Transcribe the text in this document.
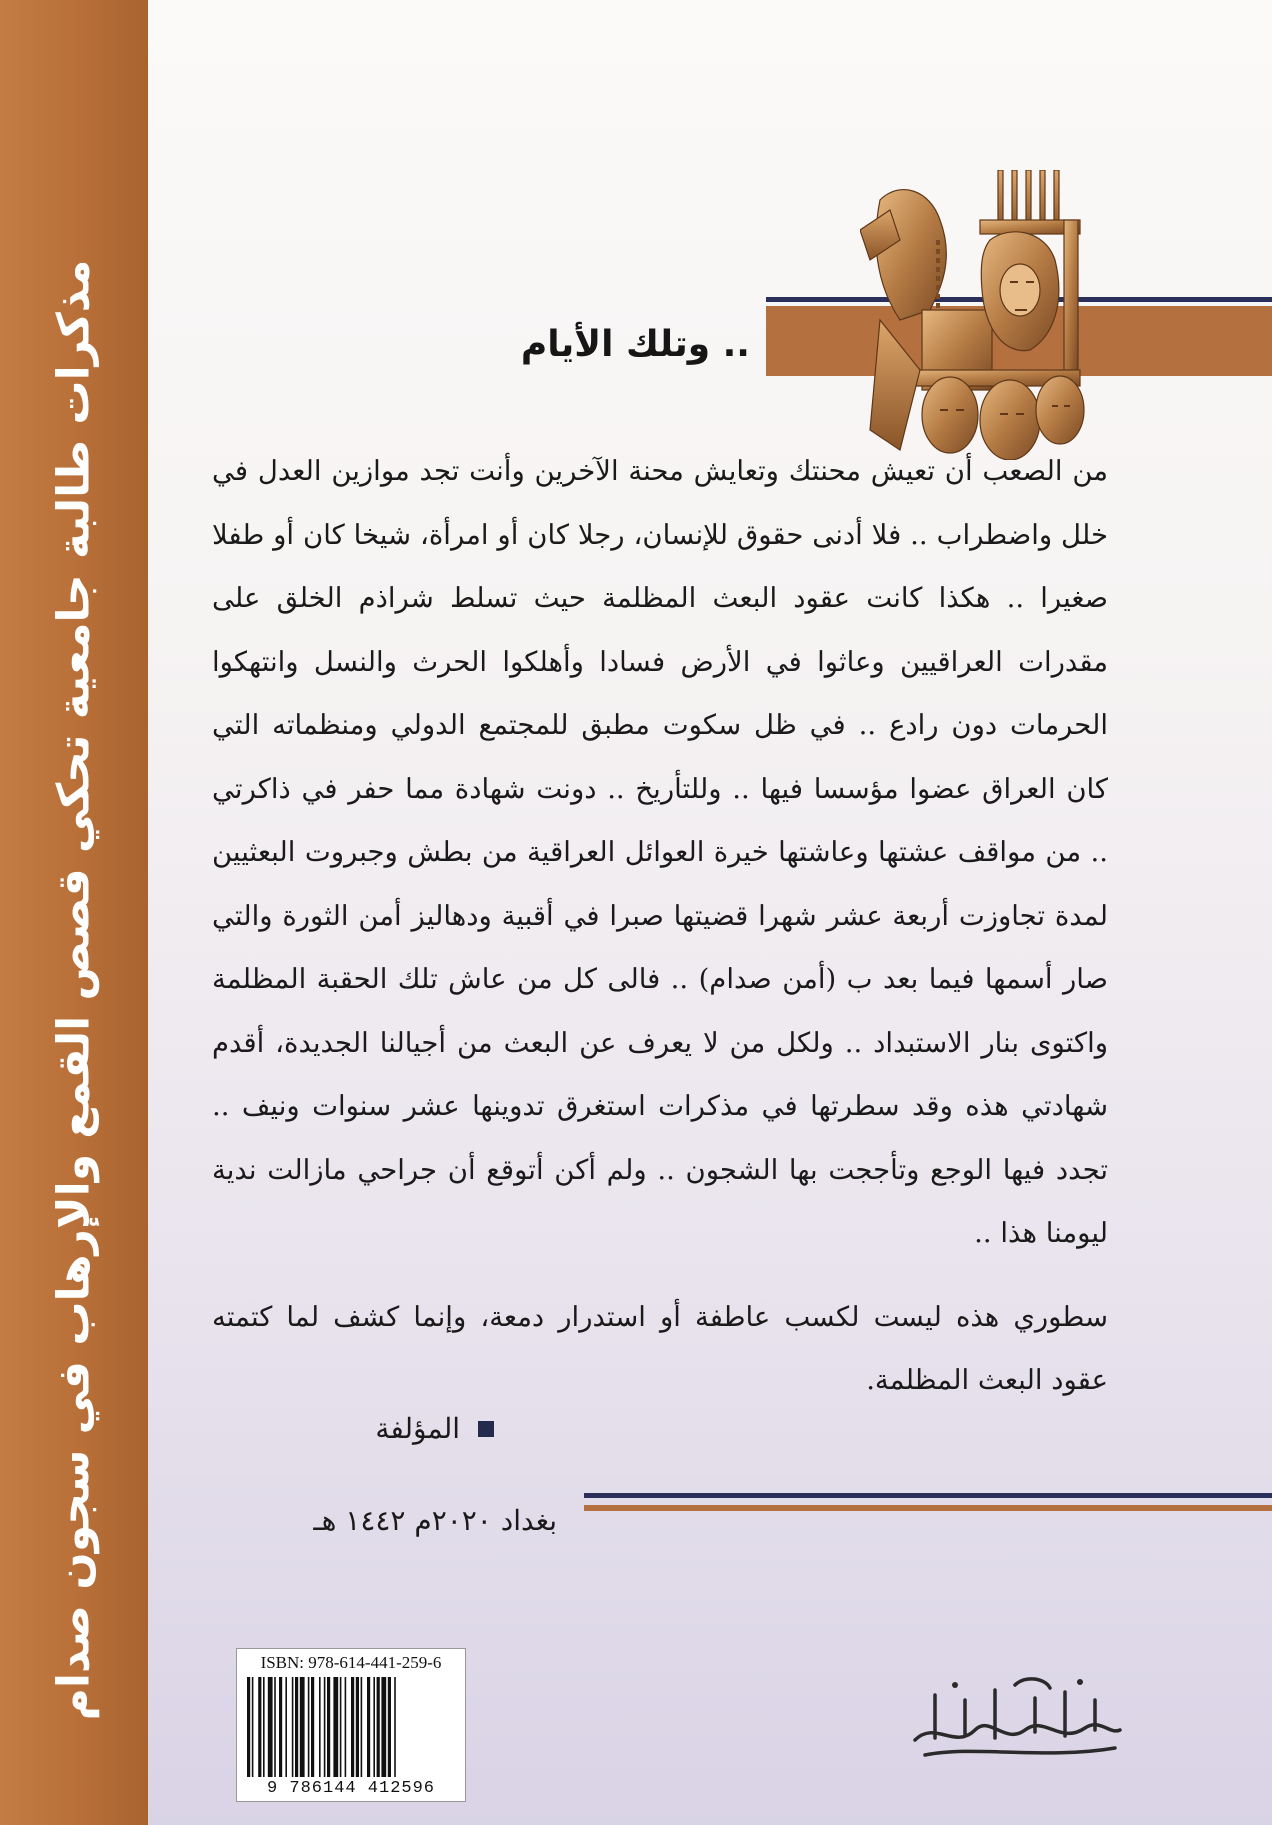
مذكرات طالبة جامعية تحكي قصص القمع والإرهاب في سجون صدام	.. وتلك الأيام

من الصعب أن تعيش محنتك وتعايش محنة الآخرين وأنت تجد موازين العدل في خلل واضطراب .. فلا أدنى حقوق للإنسان، رجلا كان أو امرأة، شيخا كان أو طفلا صغيرا .. هكذا كانت عقود البعث المظلمة حيث تسلط شراذم الخلق على مقدرات العراقيين وعاثوا في الأرض فسادا وأهلكوا الحرث والنسل وانتهكوا الحرمات دون رادع .. في ظل سكوت مطبق للمجتمع الدولي ومنظماته التي كان العراق عضوا مؤسسا فيها .. وللتأريخ .. دونت شهادة مما حفر في ذاكرتي .. من مواقف عشتها وعاشتها خيرة العوائل العراقية من بطش وجبروت البعثيين لمدة تجاوزت أربعة عشر شهرا قضيتها صبرا في أقبية ودهاليز أمن الثورة والتي صار أسمها فيما بعد ب (أمن صدام) .. فالى كل من عاش تلك الحقبة المظلمة واكتوى بنار الاستبداد .. ولكل من لا يعرف عن البعث من أجيالنا الجديدة، أقدم شهادتي هذه وقد سطرتها في مذكرات استغرق تدوينها عشر سنوات ونيف .. تجدد فيها الوجع وتأججت بها الشجون .. ولم أكن أتوقع أن جراحي مازالت ندية ليومنا هذا ..

سطوري هذه ليست لكسب عاطفة أو استدرار دمعة، وإنما كشف لما كتمته عقود البعث المظلمة.

المؤلفة
بغداد ٢٠٢٠م ١٤٤٢ هـ
ISBN: 978-614-441-259-6
9 786144 412596
